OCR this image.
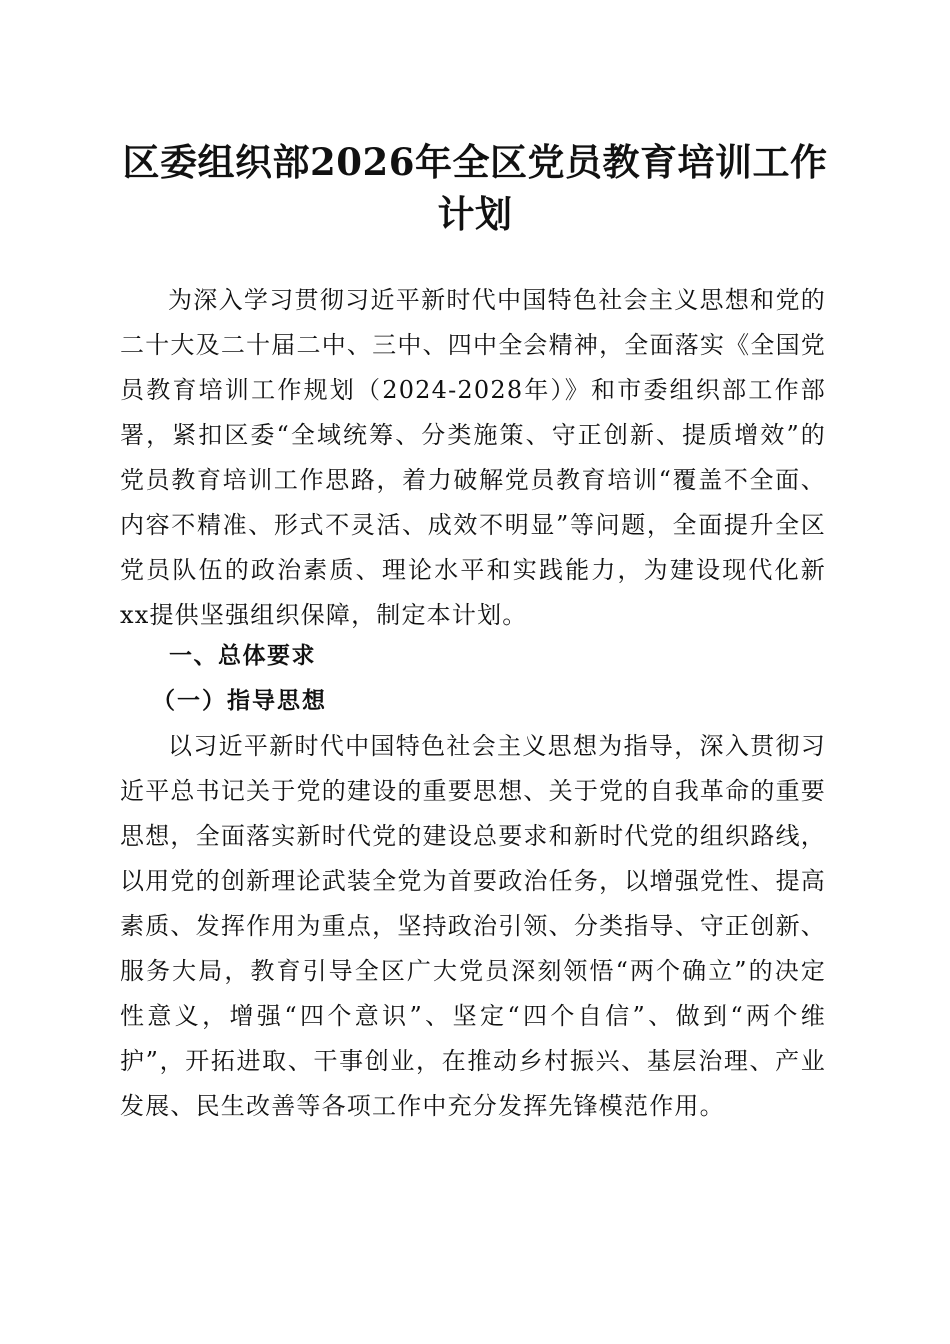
区委组织部2026年全区党员教育培训工作计划

为深入学习贯彻习近平新时代中国特色社会主义思想和党的二十大及二十届二中、三中、四中全会精神，全面落实《全国党员教育培训工作规划（2024-2028年）》和市委组织部工作部署，紧扣区委“全域统筹、分类施策、守正创新、提质增效”的党员教育培训工作思路，着力破解党员教育培训“覆盖不全面、内容不精准、形式不灵活、成效不明显”等问题，全面提升全区党员队伍的政治素质、理论水平和实践能力，为建设现代化新xx提供坚强组织保障，制定本计划。

一、总体要求
（一）指导思想

以习近平新时代中国特色社会主义思想为指导，深入贯彻习近平总书记关于党的建设的重要思想、关于党的自我革命的重要思想，全面落实新时代党的建设总要求和新时代党的组织路线，以用党的创新理论武装全党为首要政治任务，以增强党性、提高素质、发挥作用为重点，坚持政治引领、分类指导、守正创新、服务大局，教育引导全区广大党员深刻领悟“两个确立”的决定性意义，增强“四个意识”、坚定“四个自信”、做到“两个维护”，开拓进取、干事创业，在推动乡村振兴、基层治理、产业发展、民生改善等各项工作中充分发挥先锋模范作用。
